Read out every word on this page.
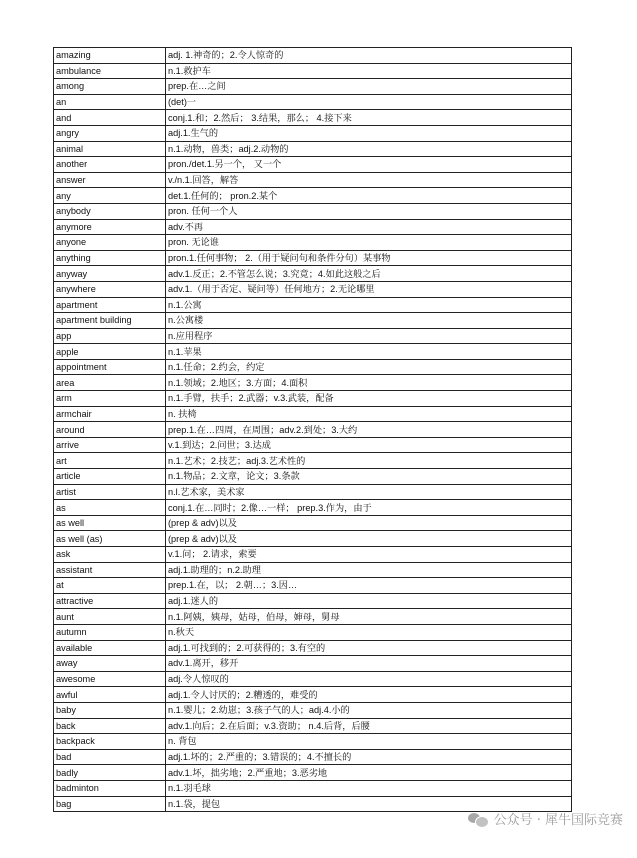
amazing	adj. 1.神奇的；2.令人惊奇的
ambulance	n.1.救护车
among	prep.在…之间
an	(det)一
and	conj.1.和；2.然后； 3.结果，那么； 4.接下来
angry	adj.1.生气的
animal	n.1.动物，兽类；adj.2.动物的
another	pron./det.1.另一个， 又一个
answer	v./n.1.回答，解答
any	det.1.任何的； pron.2.某个
anybody	pron. 任何一个人
anymore	adv.不再
anyone	pron. 无论谁
anything	pron.1.任何事物； 2.（用于疑问句和条件分句）某事物
anyway	adv.1.反正；2.不管怎么说；3.究竟；4.如此这般之后
anywhere	adv.1.（用于否定、疑问等）任何地方；2.无论哪里
apartment	n.1.公寓
apartment building	n.公寓楼
app	n.应用程序
apple	n.1.苹果
appointment	n.1.任命；2.约会，约定
area	n.1.领域；2.地区；3.方面；4.面积
arm	n.1.手臂，扶手；2.武器；v.3.武装，配备
armchair	n. 扶椅
around	prep.1.在…四周，在周围；adv.2.到处；3.大约
arrive	v.1.到达；2.问世；3.达成
art	n.1.艺术；2.技艺；adj.3.艺术性的
article	n.1.物品；2.文章，论文；3.条款
artist	n.l.艺术家，美术家
as	conj.1.在…同时；2.像…一样； prep.3.作为，由于
as well	(prep & adv)以及
as well (as)	(prep & adv)以及
ask	v.1.问； 2.请求，索要
assistant	adj.1.助理的；n.2.助理
at	prep.1.在，以； 2.朝…；3.因…
attractive	adj.1.迷人的
aunt	n.1.阿姨，姨母，姑母，伯母，婶母，舅母
autumn	n.秋天
available	adj.1.可找到的；2.可获得的；3.有空的
away	adv.1.离开，移开
awesome	adj.令人惊叹的
awful	adj.1.令人讨厌的；2.糟透的，难受的
baby	n.1.婴儿；2.幼崽；3.孩子气的人；adj.4.小的
back	adv.1.向后；2.在后面；v.3.资助； n.4.后背，后腰
backpack	n. 背包
bad	adj.1.坏的；2.严重的；3.错误的；4.不擅长的
badly	adv.1.坏，拙劣地；2.严重地；3.恶劣地
badminton	n.1.羽毛球
bag	n.1.袋，提包
公众号 · 犀牛国际竞赛
